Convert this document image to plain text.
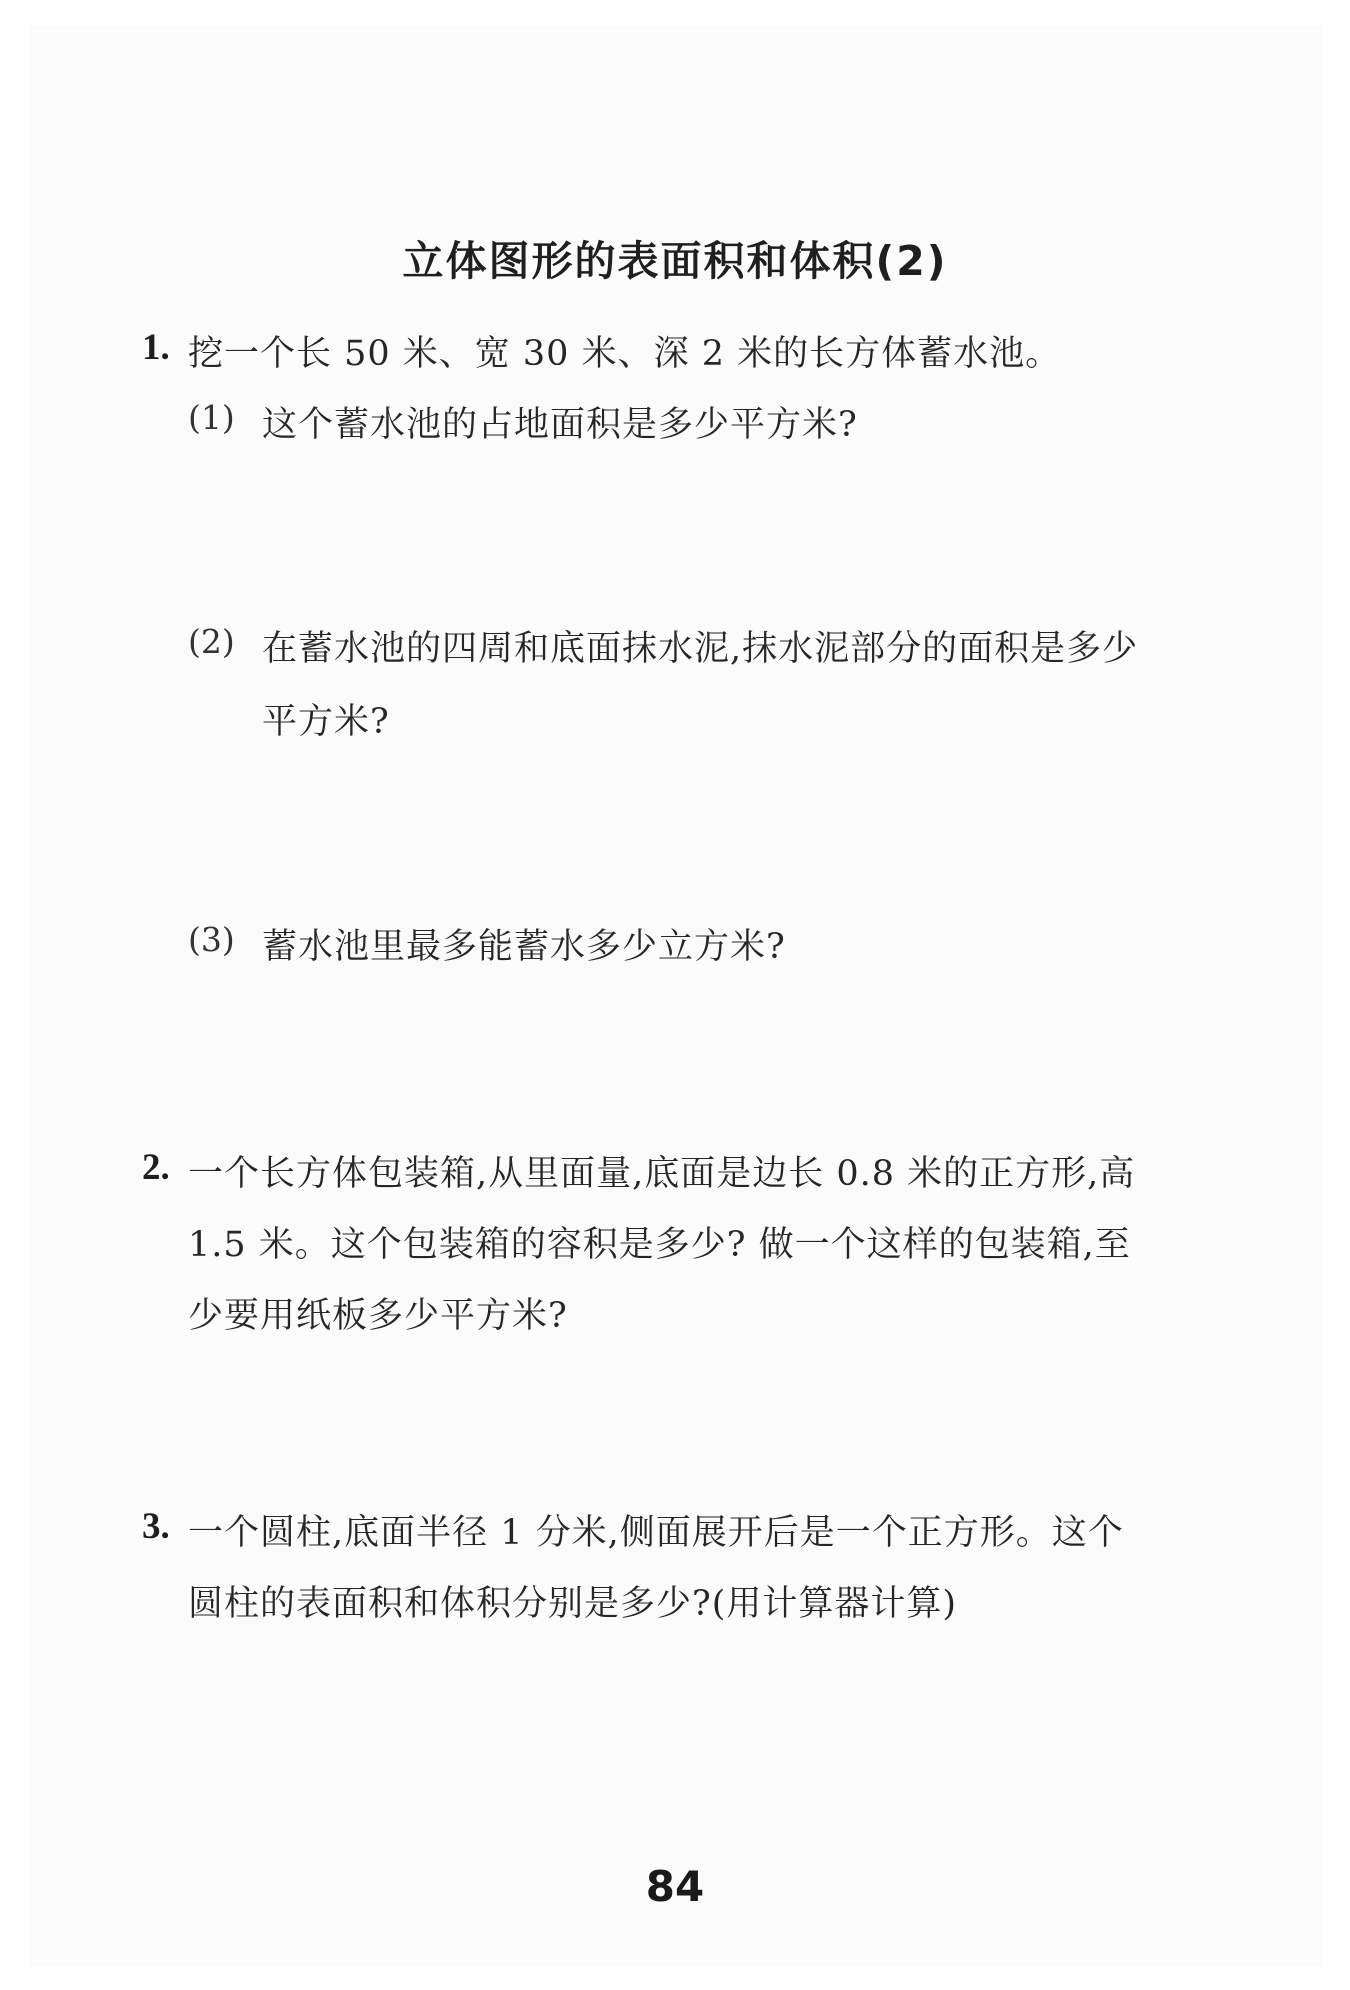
立体图形的表面积和体积(2)
1. 挖一个长 50 米、宽 30 米、深 2 米的长方体蓄水池。
(1) 这个蓄水池的占地面积是多少平方米?
(2) 在蓄水池的四周和底面抹水泥,抹水泥部分的面积是多少
平方米?
(3) 蓄水池里最多能蓄水多少立方米?
2. 一个长方体包装箱,从里面量,底面是边长 0.8 米的正方形,高
1.5 米。这个包装箱的容积是多少? 做一个这样的包装箱,至
少要用纸板多少平方米?
3. 一个圆柱,底面半径 1 分米,侧面展开后是一个正方形。这个
圆柱的表面积和体积分别是多少?(用计算器计算)
84
